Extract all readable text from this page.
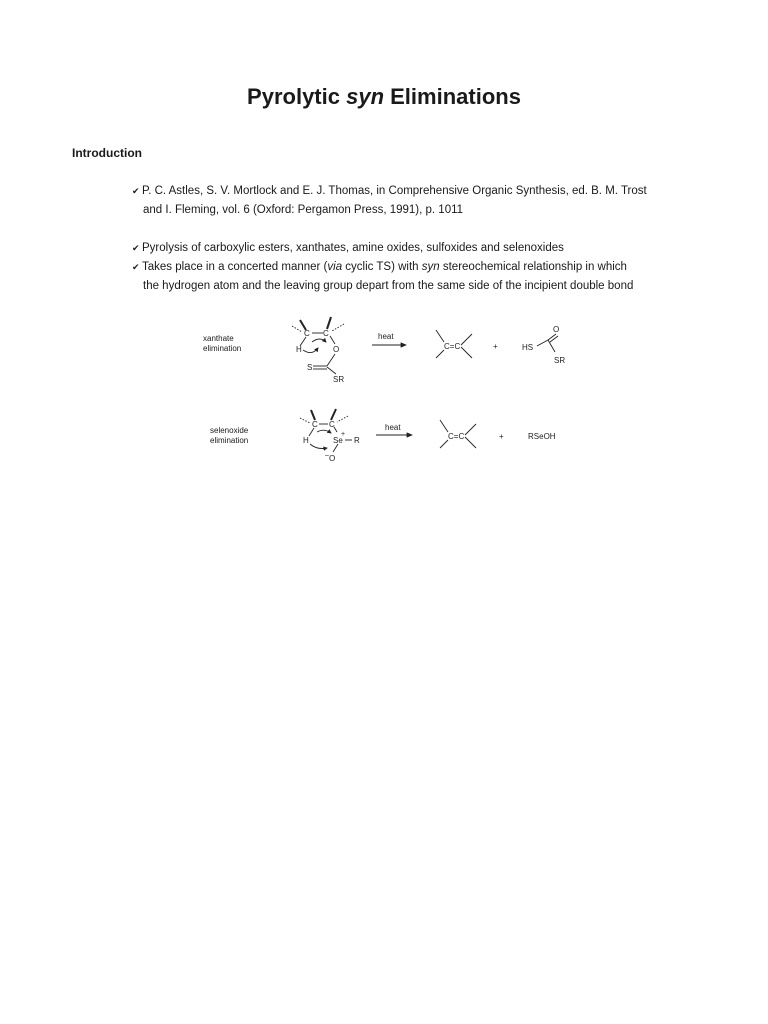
Pyrolytic syn Eliminations
Introduction
✔ P. C. Astles, S. V. Mortlock and E. J. Thomas, in Comprehensive Organic Synthesis, ed. B. M. Trost
and I. Fleming, vol. 6 (Oxford: Pergamon Press, 1991), p. 1011
✔ Pyrolysis of carboxylic esters, xanthates, amine oxides, sulfoxides and selenoxides
✔ Takes place in a concerted manner (via cyclic TS) with syn stereochemical relationship in which
the hydrogen atom and the leaving group depart from the same side of the incipient double bond
xanthate
elimination
C C
H	O
S
SR
heat
C=C	+	HS
O
SR
selenoxide
elimination
C C
H	Se
+
R
O
–
heat
C=C	+	RSeOH
